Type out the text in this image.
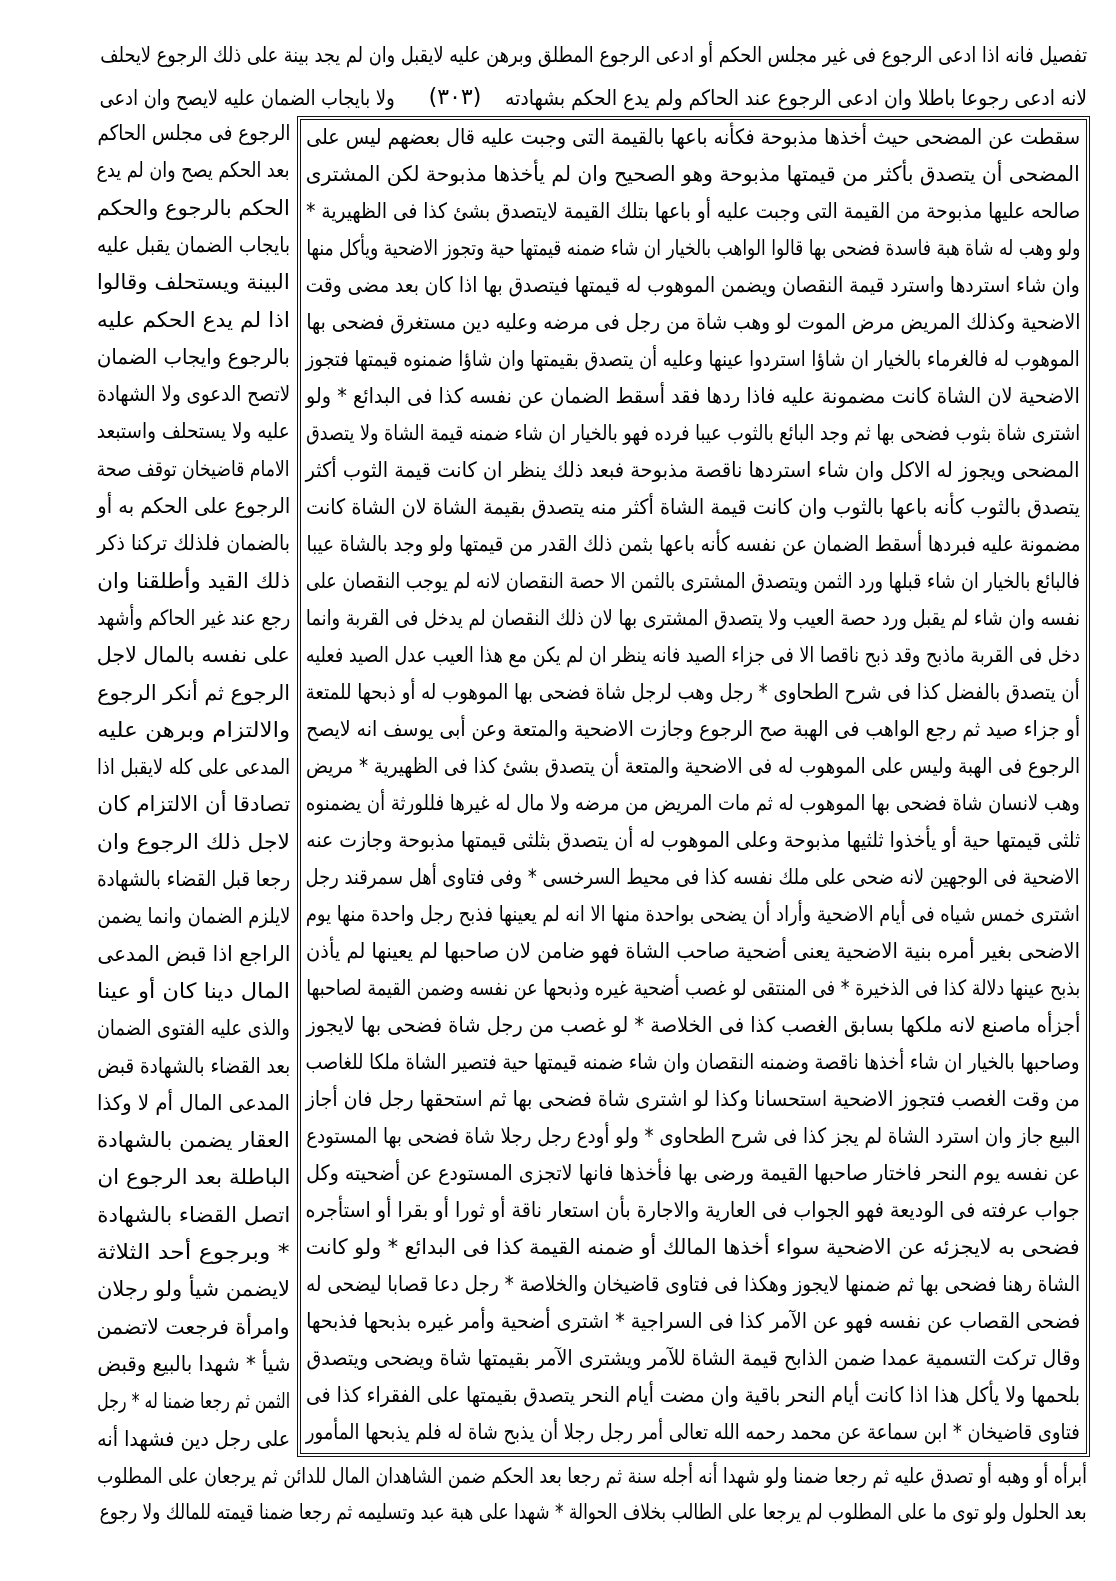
تفصيل فانه اذا ادعى الرجوع فى غير مجلس الحكم أو ادعى الرجوع المطلق وبرهن عليه لايقبل وان لم يجد بينة على ذلك الرجوع لايحلف
لانه ادعى رجوعا باطلا وان ادعى الرجوع عند الحاكم ولم يدع الحكم بشهادته
(٣٠٣)
ولا بايجاب الضمان عليه لايصح وان ادعى
سقطت عن المضحى حيث أخذها مذبوحة فكأنه باعها بالقيمة التى وجبت عليه قال بعضهم ليس على
المضحى أن يتصدق بأكثر من قيمتها مذبوحة وهو الصحيح وان لم يأخذها مذبوحة لكن المشترى
صالحه عليها مذبوحة من القيمة التى وجبت عليه أو باعها بتلك القيمة لايتصدق بشئ كذا فى الظهيرية *
ولو وهب له شاة هبة فاسدة فضحى بها قالوا الواهب بالخيار ان شاء ضمنه قيمتها حية وتجوز الاضحية ويأكل منها
وان شاء استردها واسترد قيمة النقصان ويضمن الموهوب له قيمتها فيتصدق بها اذا كان بعد مضى وقت
الاضحية وكذلك المريض مرض الموت لو وهب شاة من رجل فى مرضه وعليه دين مستغرق فضحى بها
الموهوب له فالغرماء بالخيار ان شاؤا استردوا عينها وعليه أن يتصدق بقيمتها وان شاؤا ضمنوه قيمتها فتجوز
الاضحية لان الشاة كانت مضمونة عليه فاذا ردها فقد أسقط الضمان عن نفسه كذا فى البدائع * ولو
اشترى شاة بثوب فضحى بها ثم وجد البائع بالثوب عيبا فرده فهو بالخيار ان شاء ضمنه قيمة الشاة ولا يتصدق
المضحى ويجوز له الاكل وان شاء استردها ناقصة مذبوحة فبعد ذلك ينظر ان كانت قيمة الثوب أكثر
يتصدق بالثوب كأنه باعها بالثوب وان كانت قيمة الشاة أكثر منه يتصدق بقيمة الشاة لان الشاة كانت
مضمونة عليه فبردها أسقط الضمان عن نفسه كأنه باعها بثمن ذلك القدر من قيمتها ولو وجد بالشاة عيبا
فالبائع بالخيار ان شاء قبلها ورد الثمن ويتصدق المشترى بالثمن الا حصة النقصان لانه لم يوجب النقصان على
نفسه وان شاء لم يقبل ورد حصة العيب ولا يتصدق المشترى بها لان ذلك النقصان لم يدخل فى القربة وانما
دخل فى القربة ماذبح وقد ذبح ناقصا الا فى جزاء الصيد فانه ينظر ان لم يكن مع هذا العيب عدل الصيد فعليه
أن يتصدق بالفضل كذا فى شرح الطحاوى * رجل وهب لرجل شاة فضحى بها الموهوب له أو ذبحها للمتعة
أو جزاء صيد ثم رجع الواهب فى الهبة صح الرجوع وجازت الاضحية والمتعة وعن أبى يوسف انه لايصح
الرجوع فى الهبة وليس على الموهوب له فى الاضحية والمتعة أن يتصدق بشئ كذا فى الظهيرية * مريض
وهب لانسان شاة فضحى بها الموهوب له ثم مات المريض من مرضه ولا مال له غيرها فللورثة أن يضمنوه
ثلثى قيمتها حية أو يأخذوا ثلثيها مذبوحة وعلى الموهوب له أن يتصدق بثلثى قيمتها مذبوحة وجازت عنه
الاضحية فى الوجهين لانه ضحى على ملك نفسه كذا فى محيط السرخسى * وفى فتاوى أهل سمرقند رجل
اشترى خمس شياه فى أيام الاضحية وأراد أن يضحى بواحدة منها الا انه لم يعينها فذبح رجل واحدة منها يوم
الاضحى بغير أمره بنية الاضحية يعنى أضحية صاحب الشاة فهو ضامن لان صاحبها لم يعينها لم يأذن
بذبح عينها دلالة كذا فى الذخيرة * فى المنتقى لو غصب أضحية غيره وذبحها عن نفسه وضمن القيمة لصاحبها
أجزأه ماصنع لانه ملكها بسابق الغصب كذا فى الخلاصة * لو غصب من رجل شاة فضحى بها لايجوز
وصاحبها بالخيار ان شاء أخذها ناقصة وضمنه النقصان وان شاء ضمنه قيمتها حية فتصير الشاة ملكا للغاصب
من وقت الغصب فتجوز الاضحية استحسانا وكذا لو اشترى شاة فضحى بها ثم استحقها رجل فان أجاز
البيع جاز وان استرد الشاة لم يجز كذا فى شرح الطحاوى * ولو أودع رجل رجلا شاة فضحى بها المستودع
عن نفسه يوم النحر فاختار صاحبها القيمة ورضى بها فأخذها فانها لاتجزى المستودع عن أضحيته وكل
جواب عرفته فى الوديعة فهو الجواب فى العارية والاجارة بأن استعار ناقة أو ثورا أو بقرا أو استأجره
فضحى به لايجزئه عن الاضحية سواء أخذها المالك أو ضمنه القيمة كذا فى البدائع * ولو كانت
الشاة رهنا فضحى بها ثم ضمنها لايجوز وهكذا فى فتاوى قاضيخان والخلاصة * رجل دعا قصابا ليضحى له
فضحى القصاب عن نفسه فهو عن الآمر كذا فى السراجية * اشترى أضحية وأمر غيره بذبحها فذبحها
وقال تركت التسمية عمدا ضمن الذابح قيمة الشاة للآمر ويشترى الآمر بقيمتها شاة ويضحى ويتصدق
بلحمها ولا يأكل هذا اذا كانت أيام النحر باقية وان مضت أيام النحر يتصدق بقيمتها على الفقراء كذا فى
فتاوى قاضيخان * ابن سماعة عن محمد رحمه الله تعالى أمر رجل رجلا أن يذبح شاة له فلم يذبحها المأمور
الرجوع فى مجلس الحاكم
بعد الحكم يصح وان لم يدع
الحكم بالرجوع والحكم
بايجاب الضمان يقبل عليه
البينة ويستحلف وقالوا
اذا لم يدع الحكم عليه
بالرجوع وايجاب الضمان
لاتصح الدعوى ولا الشهادة
عليه ولا يستحلف واستبعد
الامام قاضيخان توقف صحة
الرجوع على الحكم به أو
بالضمان فلذلك تركنا ذكر
ذلك القيد وأطلقنا وان
رجع عند غير الحاكم وأشهد
على نفسه بالمال لاجل
الرجوع ثم أنكر الرجوع
والالتزام وبرهن عليه
المدعى على كله لايقبل اذا
تصادقا أن الالتزام كان
لاجل ذلك الرجوع وان
رجعا قبل القضاء بالشهادة
لايلزم الضمان وانما يضمن
الراجع اذا قبض المدعى
المال دينا كان أو عينا
والذى عليه الفتوى الضمان
بعد القضاء بالشهادة قبض
المدعى المال أم لا وكذا
العقار يضمن بالشهادة
الباطلة بعد الرجوع ان
اتصل القضاء بالشهادة
* وبرجوع أحد الثلاثة
لايضمن شيأ ولو رجلان
وامرأة فرجعت لاتضمن
شيأ * شهدا بالبيع وقبض
الثمن ثم رجعا ضمنا له * رجل
على رجل دين فشهدا أنه
أبرأه أو وهبه أو تصدق عليه ثم رجعا ضمنا ولو شهدا أنه أجله سنة ثم رجعا بعد الحكم ضمن الشاهدان المال للدائن ثم يرجعان على المطلوب
بعد الحلول ولو توى ما على المطلوب لم يرجعا على الطالب بخلاف الحوالة * شهدا على هبة عبد وتسليمه ثم رجعا ضمنا قيمته للمالك ولا رجوع
